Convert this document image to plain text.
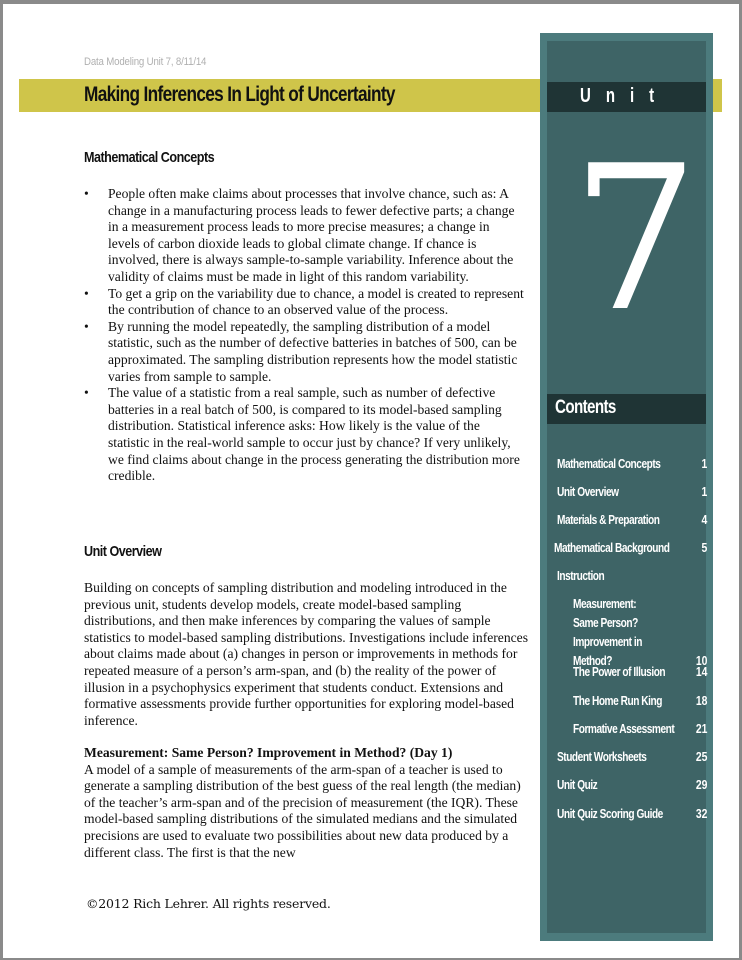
Data Modeling Unit 7, 8/11/14
Unit
7
Contents
Mathematical Concepts	1
Unit Overview	1
Materials & Preparation	4
Mathematical Background 5
Instruction
Measurement: Same Person? Improvement in Method?	10
The Power of Illusion 14
The Home Run King	18
Formative Assessment 21
Student Worksheets	25
Unit Quiz	29
Unit Quiz Scoring Guide	32
Making Inferences In Light of Uncertainty
Mathematical Concepts
• People often make claims about processes that involve chance, such as: A change in a manufacturing process leads to fewer defective parts; a change in a measurement process leads to more precise measures; a change in levels of carbon dioxide leads to global climate change. If chance is involved, there is always sample-to-sample variability. Inference about the validity of claims must be made in light of this random variability.
• To get a grip on the variability due to chance, a model is created to represent the contribution of chance to an observed value of the process.
• By running the model repeatedly, the sampling distribution of a model statistic, such as the number of defective batteries in batches of 500, can be approximated. The sampling distribution represents how the model statistic varies from sample to sample.
• The value of a statistic from a real sample, such as number of defective batteries in a real batch of 500, is compared to its model-based sampling distribution. Statistical inference asks: How likely is the value of the statistic in the real-world sample to occur just by chance? If very unlikely, we find claims about change in the process generating the distribution more credible.
Unit Overview

Building on concepts of sampling distribution and modeling introduced in the previous unit, students develop models, create model-based sampling distributions, and then make inferences by comparing the values of sample statistics to model-based sampling distributions. Investigations include inferences about claims made about (a) changes in person or improvements in methods for repeated measure of a person’s arm-span, and (b) the reality of the power of illusion in a psychophysics experiment that students conduct. Extensions and formative assessments provide further opportunities for exploring model-based inference.

Measurement: Same Person? Improvement in Method? (Day 1)
A model of a sample of measurements of the arm-span of a teacher is used to generate a sampling distribution of the best guess of the real length (the median) of the teacher’s arm-span and of the precision of measurement (the IQR). These model-based sampling distributions of the simulated medians and the simulated precisions are used to evaluate two possibilities about new data produced by a different class. The first is that the new

©2012 Rich Lehrer. All rights reserved.
